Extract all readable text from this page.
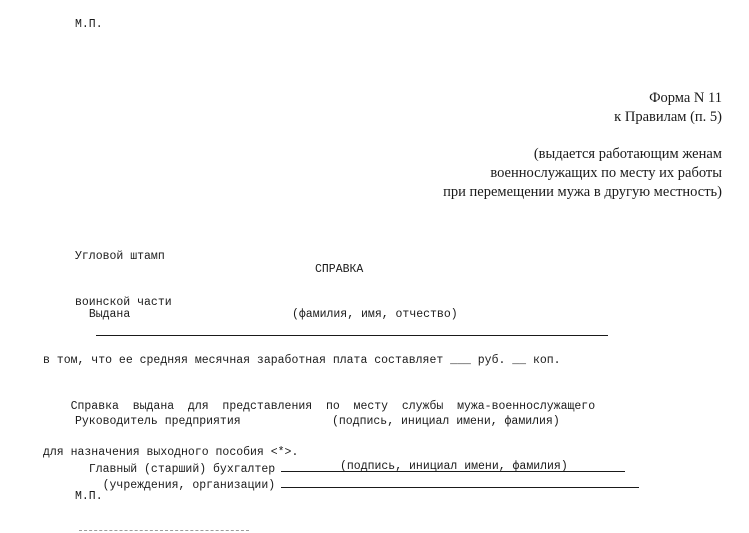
М.П.
Форма N 11
к Правилам (п. 5)
(выдается работающим женам
военнослужащих по месту их работы
при перемещении мужа в другую местность)

Угловой штамп

воинской части

СПРАВКА

Выдана
	(фамилия, имя, отчество)

в том, что ее средняя месячная заработная плата составляет ___ руб. __ коп.

Справка  выдана  для  представления  по  месту  службы  мужа-военнослужащего

для назначения выходного пособия <*>.

Руководитель предприятия

(учреждения, организации)

(подпись, инициал имени, фамилия)

Главный (старший) бухгалтер	(подпись, инициал имени, фамилия)
М.П.
